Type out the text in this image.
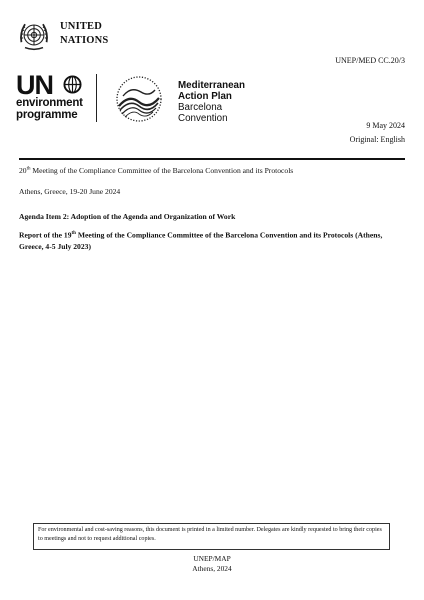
UNITED
NATIONS
UNEP/MED CC.20/3
UN
environment
programme
Mediterranean
Action Plan
Barcelona
Convention
9 May 2024
Original: English
20th Meeting of the Compliance Committee of the Barcelona Convention and its Protocols
Athens, Greece, 19-20 June 2024
Agenda Item 2: Adoption of the Agenda and Organization of Work
Report of the 19th Meeting of the Compliance Committee of the Barcelona Convention and its Protocols (Athens, Greece, 4-5 July 2023)
For environmental and cost-saving reasons, this document is printed in a limited number. Delegates are kindly requested to bring their copies to meetings and not to request additional copies.
UNEP/MAP
Athens, 2024
